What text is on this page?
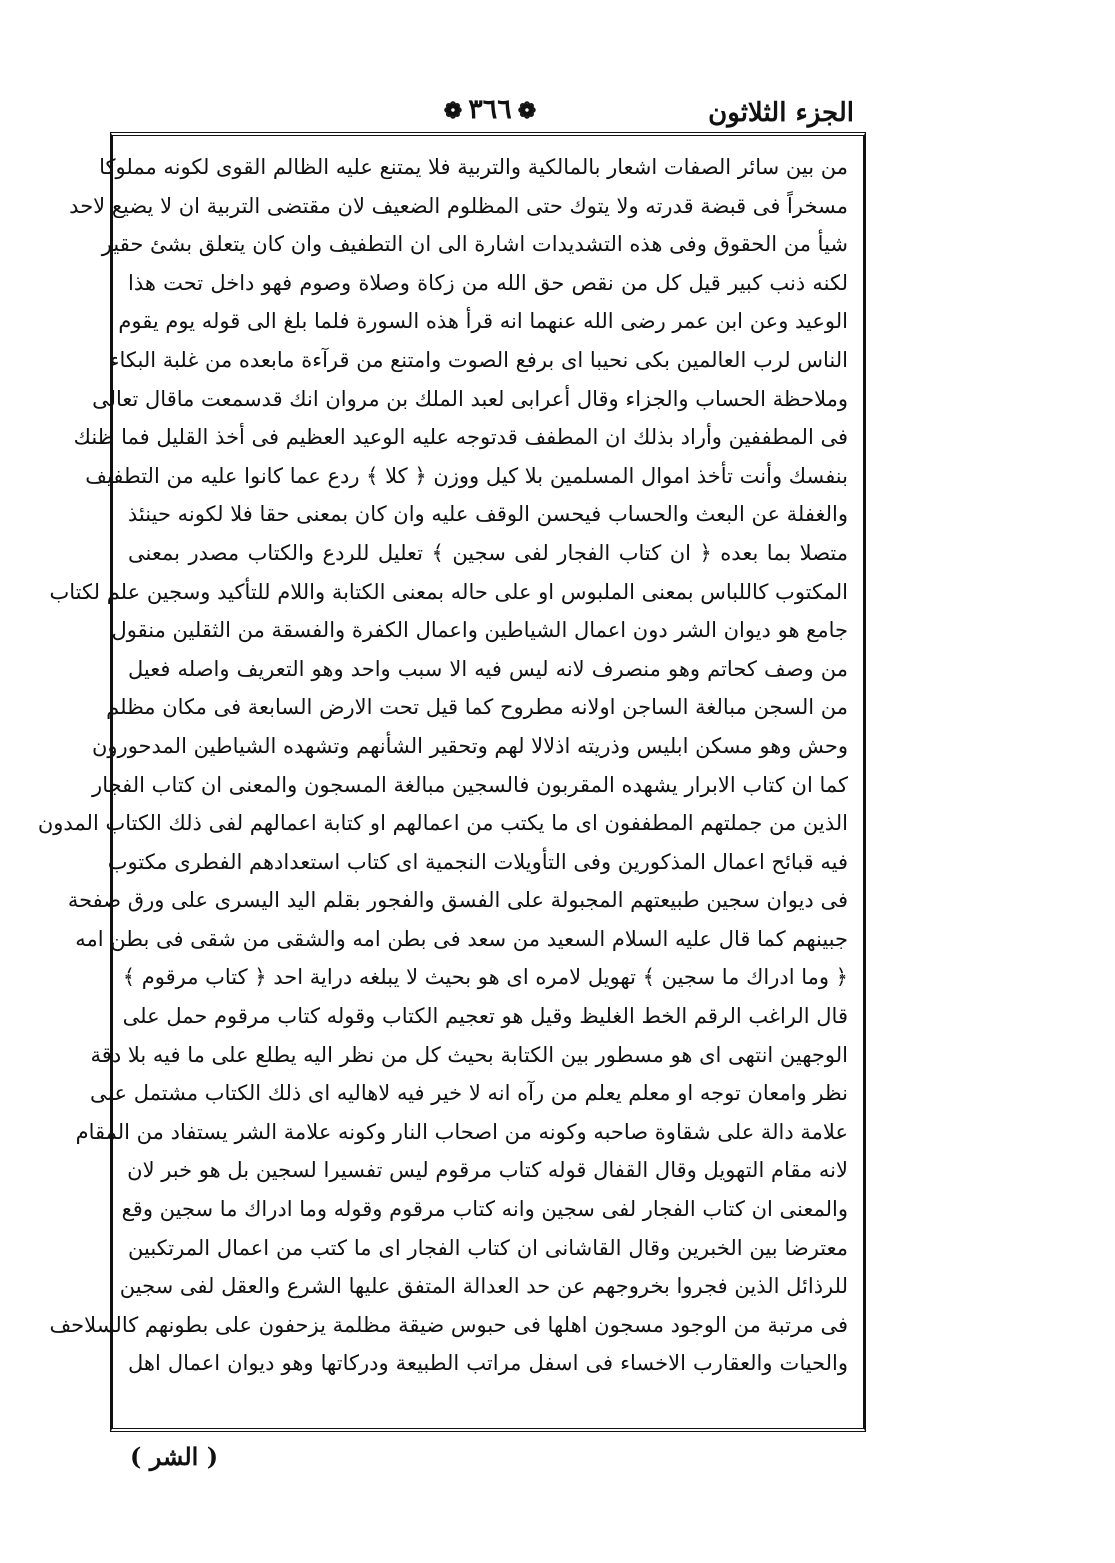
الجزء الثلاثون
❁٣٦٦❁
من بين سائر الصفات اشعار بالمالكية والتربية فلا يمتنع عليه الظالم القوى لكونه مملوكا
مسخراً فى قبضة قدرته ولا يتوك حتى المظلوم الضعيف لان مقتضى التربية ان لا يضيع لاحد
شيأ من الحقوق وفى هذه التشديدات اشارة الى ان التطفيف وان كان يتعلق بشئ حقير
لكنه ذنب كبير قيل كل من نقص حق الله من زكاة وصلاة وصوم فهو داخل تحت هذا
الوعيد وعن ابن عمر رضى الله عنهما انه قرأ هذه السورة فلما بلغ الى قوله يوم يقوم
الناس لرب العالمين بكى نحيبا اى برفع الصوت وامتنع من قرآءة مابعده من غلبة البكاء
وملاحظة الحساب والجزاء وقال أعرابى لعبد الملك بن مروان انك قدسمعت ماقال تعالى
فى المطففين وأراد بذلك ان المطفف قدتوجه عليه الوعيد العظيم فى أخذ القليل فما ظنك
بنفسك وأنت تأخذ اموال المسلمين بلا كيل ووزن ﴿ كلا ﴾ ردع عما كانوا عليه من التطفيف
والغفلة عن البعث والحساب فيحسن الوقف عليه وان كان بمعنى حقا فلا لكونه حينئذ
متصلا بما بعده ﴿ ان كتاب الفجار لفى سجين ﴾ تعليل للردع والكتاب مصدر بمعنى
المكتوب كاللباس بمعنى الملبوس او على حاله بمعنى الكتابة واللام للتأكيد وسجين علم لكتاب
جامع هو ديوان الشر دون اعمال الشياطين واعمال الكفرة والفسقة من الثقلين منقول
من وصف كحاتم وهو منصرف لانه ليس فيه الا سبب واحد وهو التعريف واصله فعيل
من السجن مبالغة الساجن اولانه مطروح كما قيل تحت الارض السابعة فى مكان مظلم
وحش وهو مسكن ابليس وذريته اذلالا لهم وتحقير الشأنهم وتشهده الشياطين المدحورون
كما ان كتاب الابرار يشهده المقربون فالسجين مبالغة المسجون والمعنى ان كتاب الفجار
الذين من جملتهم المطففون اى ما يكتب من اعمالهم او كتابة اعمالهم لفى ذلك الكتاب المدون
فيه قبائح اعمال المذكورين وفى التأويلات النجمية اى كتاب استعدادهم الفطرى مكتوب
فى ديوان سجين طبيعتهم المجبولة على الفسق والفجور بقلم اليد اليسرى على ورق صفحة
جبينهم كما قال عليه السلام السعيد من سعد فى بطن امه والشقى من شقى فى بطن امه
﴿ وما ادراك ما سجين ﴾ تهويل لامره اى هو بحيث لا يبلغه دراية احد ﴿ كتاب مرقوم ﴾
قال الراغب الرقم الخط الغليظ وقيل هو تعجيم الكتاب وقوله كتاب مرقوم حمل على
الوجهين انتهى اى هو مسطور بين الكتابة بحيث كل من نظر اليه يطلع على ما فيه بلا دقة
نظر وامعان توجه او معلم يعلم من رآه انه لا خير فيه لاهاليه اى ذلك الكتاب مشتمل على
علامة دالة على شقاوة صاحبه وكونه من اصحاب النار وكونه علامة الشر يستفاد من المقام
لانه مقام التهويل وقال القفال قوله كتاب مرقوم ليس تفسيرا لسجين بل هو خبر لان
والمعنى ان كتاب الفجار لفى سجين وانه كتاب مرقوم وقوله وما ادراك ما سجين وقع
معترضا بين الخبرين وقال القاشانى ان كتاب الفجار اى ما كتب من اعمال المرتكبين
للرذائل الذين فجروا بخروجهم عن حد العدالة المتفق عليها الشرع والعقل لفى سجين
فى مرتبة من الوجود مسجون اهلها فى حبوس ضيقة مظلمة يزحفون على بطونهم كالسلاحف
والحيات والعقارب الاخساء فى اسفل مراتب الطبيعة ودركاتها وهو ديوان اعمال اهل
( الشر )
